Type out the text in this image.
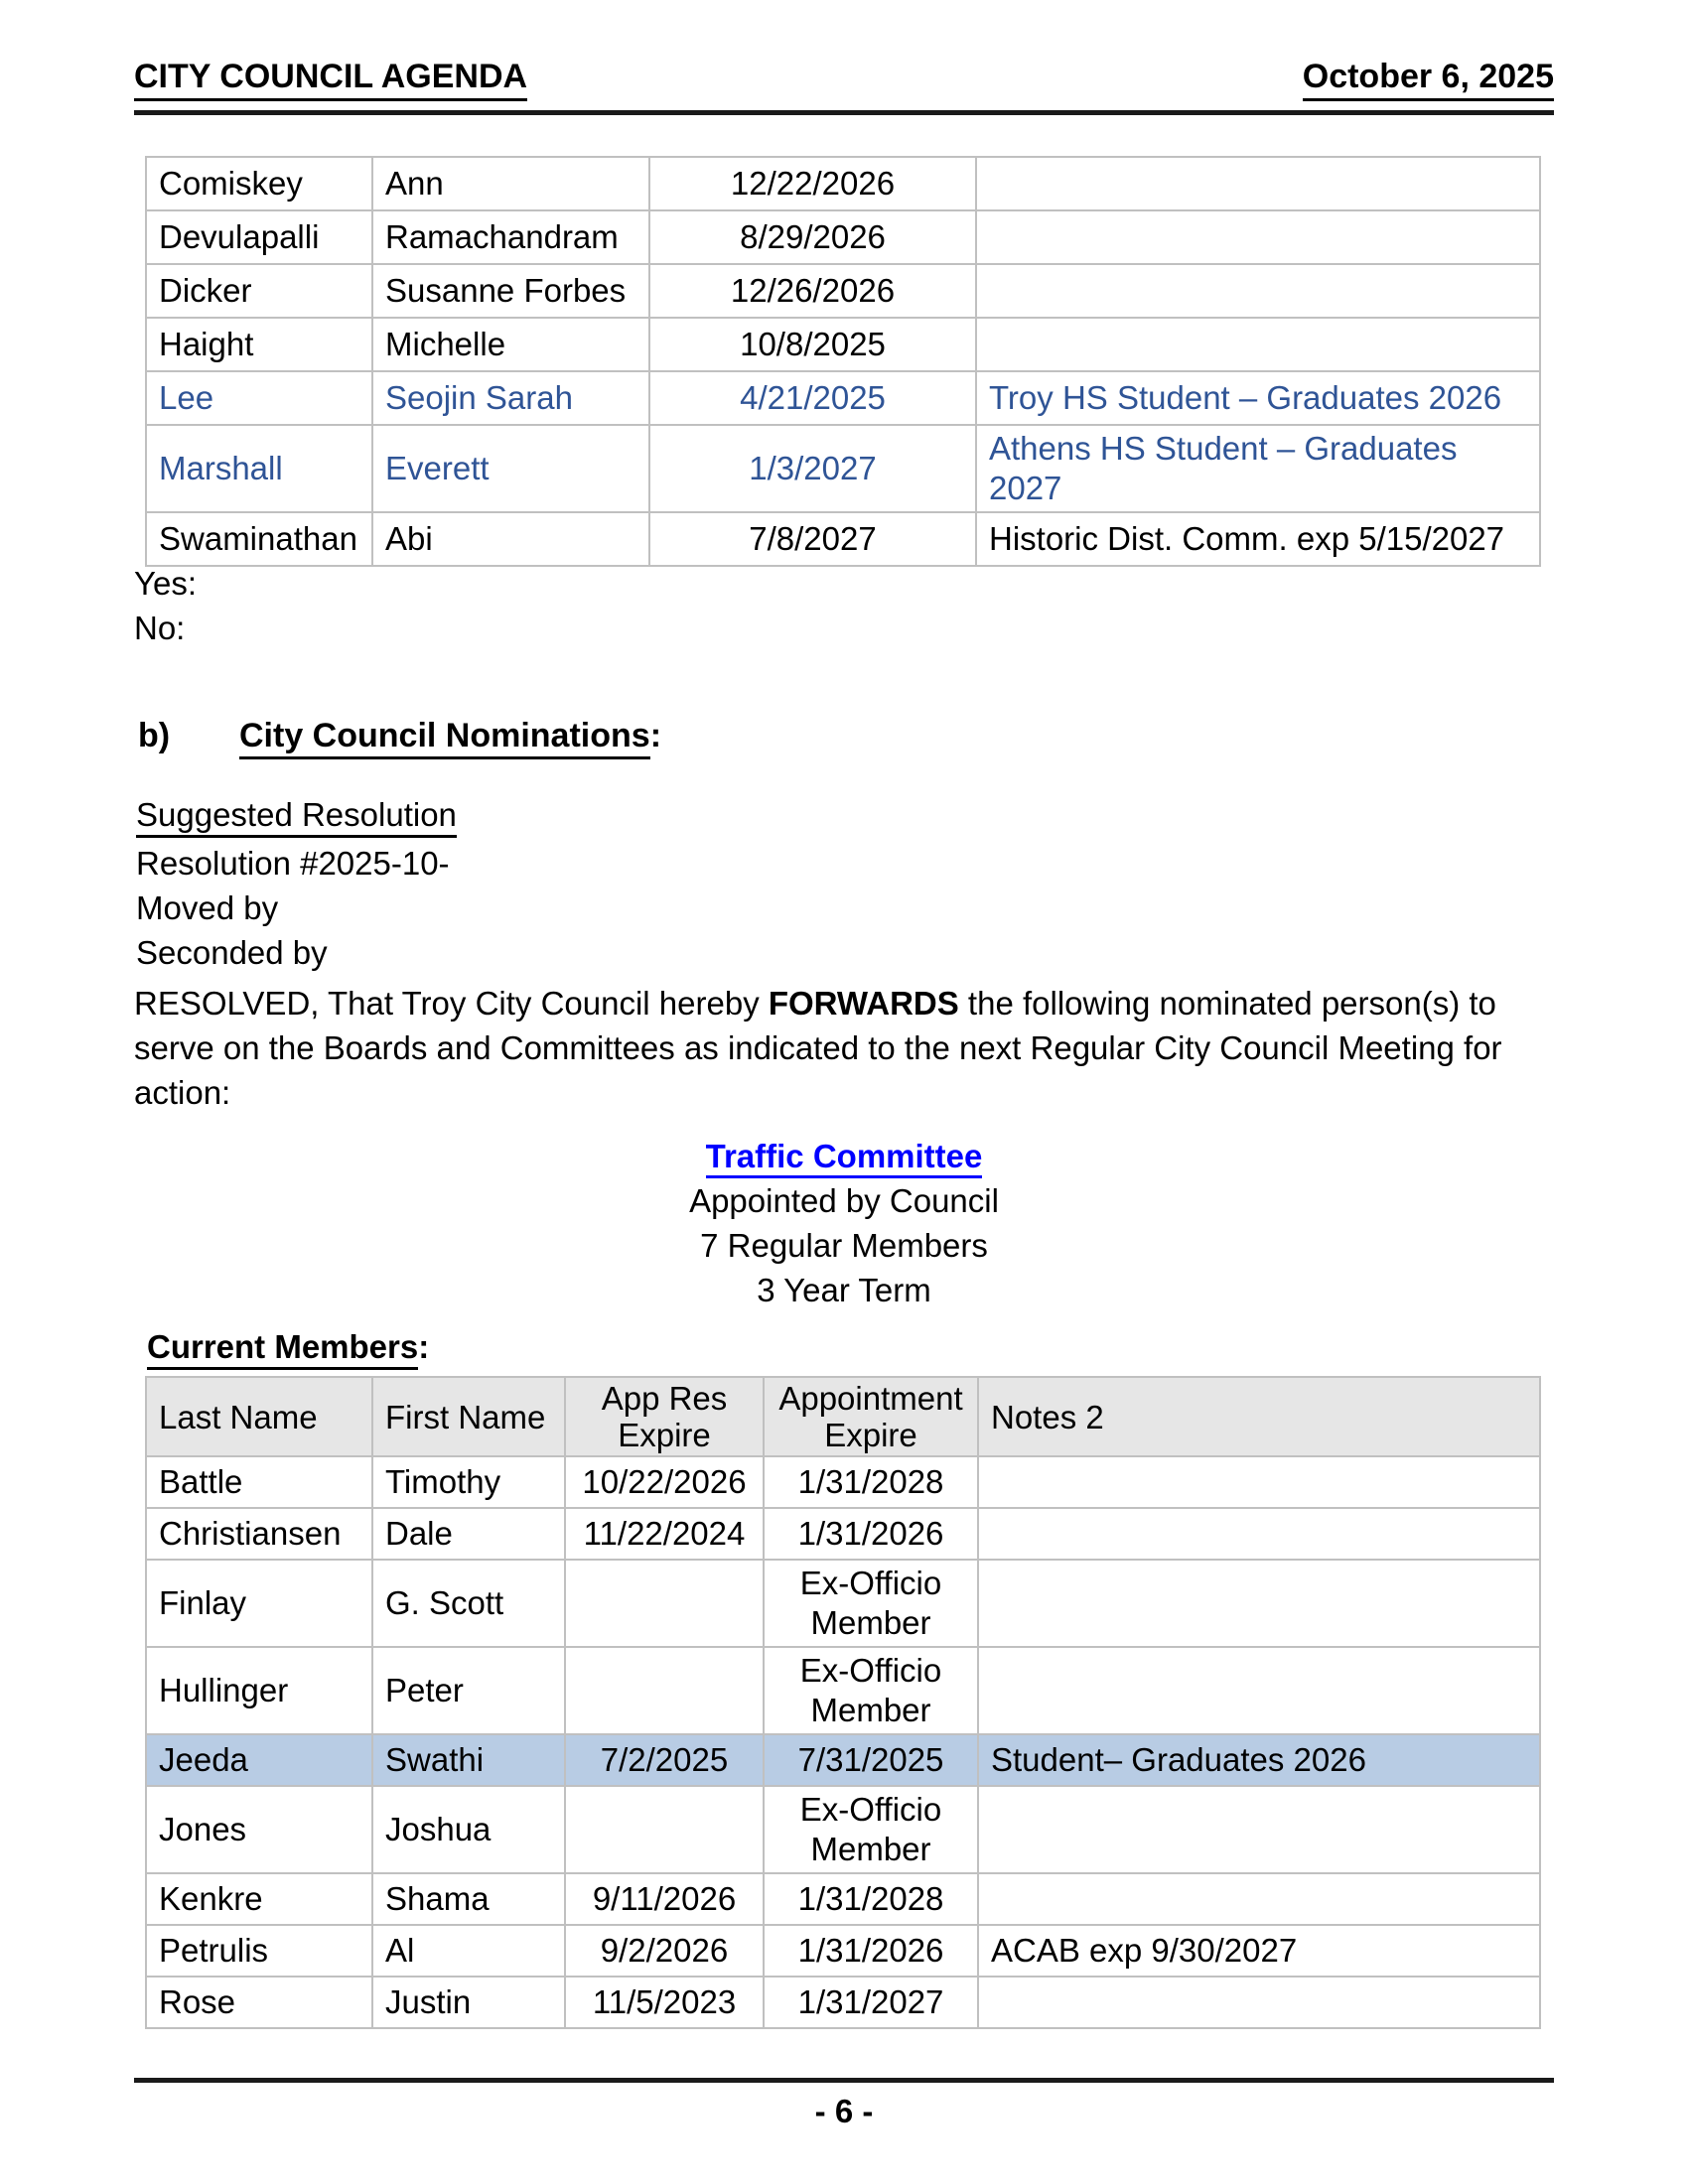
CITY COUNCIL AGENDA	October 6, 2025
Comiskey	Ann	12/22/2026	
Devulapalli	Ramachandram	8/29/2026	
Dicker	Susanne Forbes	12/26/2026	
Haight	Michelle	10/8/2025	
Lee	Seojin Sarah	4/21/2025	Troy HS Student – Graduates 2026
Marshall	Everett	1/3/2027	Athens HS Student – Graduates 2027
Swaminathan	Abi	7/8/2027	Historic Dist. Comm. exp 5/15/2027
Yes:
No:
b) City Council Nominations:
Suggested Resolution
Resolution #2025-10-
Moved by
Seconded by
RESOLVED, That Troy City Council hereby FORWARDS the following nominated person(s) to
serve on the Boards and Committees as indicated to the next Regular City Council Meeting for
action:
Traffic Committee
Appointed by Council
7 Regular Members
3 Year Term
Current Members:
Last Name	First Name	App Res Expire	Appointment Expire	Notes 2
Battle	Timothy	10/22/2026	1/31/2028	
Christiansen	Dale	11/22/2024	1/31/2026	
Finlay	G. Scott		Ex-Officio Member	
Hullinger	Peter		Ex-Officio Member	
Jeeda	Swathi	7/2/2025	7/31/2025	Student– Graduates 2026
Jones	Joshua		Ex-Officio Member	
Kenkre	Shama	9/11/2026	1/31/2028	
Petrulis	Al	9/2/2026	1/31/2026	ACAB exp 9/30/2027
Rose	Justin	11/5/2023	1/31/2027	
- 6 -
